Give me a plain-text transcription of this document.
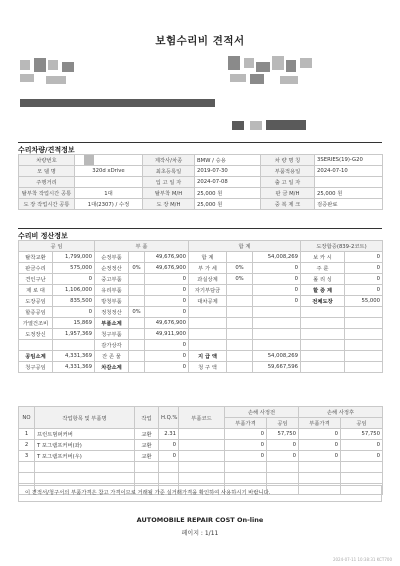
보험수리비 견적서
수리차량/견적정보
차량번호		제작사/차종	BMW / 승용	차 량 명 칭	3SERIES(19)-G20
모 델 명	320d xDrive	최초등록일	2019-07-30	부품적용일	2024-07-10
주행거리		입 고 일 자	2024-07-08	출 고 일 자	
탈부착 작업시간 공통	1대	탈부착 M/H	25,000 원	판 금 M/H	25,000 원
도 장 작업시간 공통	1대(2307) / 수정	도 장 M/H	25,000 원	중 복 제 크	검증완료
수리비 정산정보
공 임		부 품			합 계			도장합증(839-2코트)	
탈착교환	1,799,000	순정부품		49,676,900	합 계		54,008,269	보 카 시	0
판금수리	575,000	순정정산	0%	49,676,900	부 가 세	0%	0	주 륜	0
견인구난	0	중고부품		0	과실상계	0%	0	폴 리 싱	0
제 로 대	1,106,000	유리부품		0	자기부담금		0	할 증 계	0
도장공임	835,500	방청부품		0	대차공제		0	전체도장	55,000
할증공임	0	정청정산	0%	0					
가열건조비	15,869	부품소계		49,676,900					
도정장신	1,957,369	청구부품		49,911,900					
		감가상각		0					
공임소계	4,331,369	잔 존 물		0	지 급 액		54,008,269		
청구공임	4,331,369	차감소계		0	청 구 액		59,667,596		
NO	작업항목 및 부품명	작업	H.Q.%	부품코드	손해 사정전		손해 사정후	
					부품가격	공임	부품가격	공임
1	프런트범퍼커버	교환	2.31		0	57,750	0	57,750
2	T 포그램프커버(좌)	교환	0		0	0	0	0
3	T 포그램프커버(우)	교환	0		0	0	0	0

이 견적서/청구서의 부품가격은 참고 가격이므로 거래될 가준 실거래가격을 확인하여 사용하시기 바랍니다.
AUTOMOBILE REPAIR COST On-line
페이지 : 1/11
2024-07-11 10:38:31 KCT700
